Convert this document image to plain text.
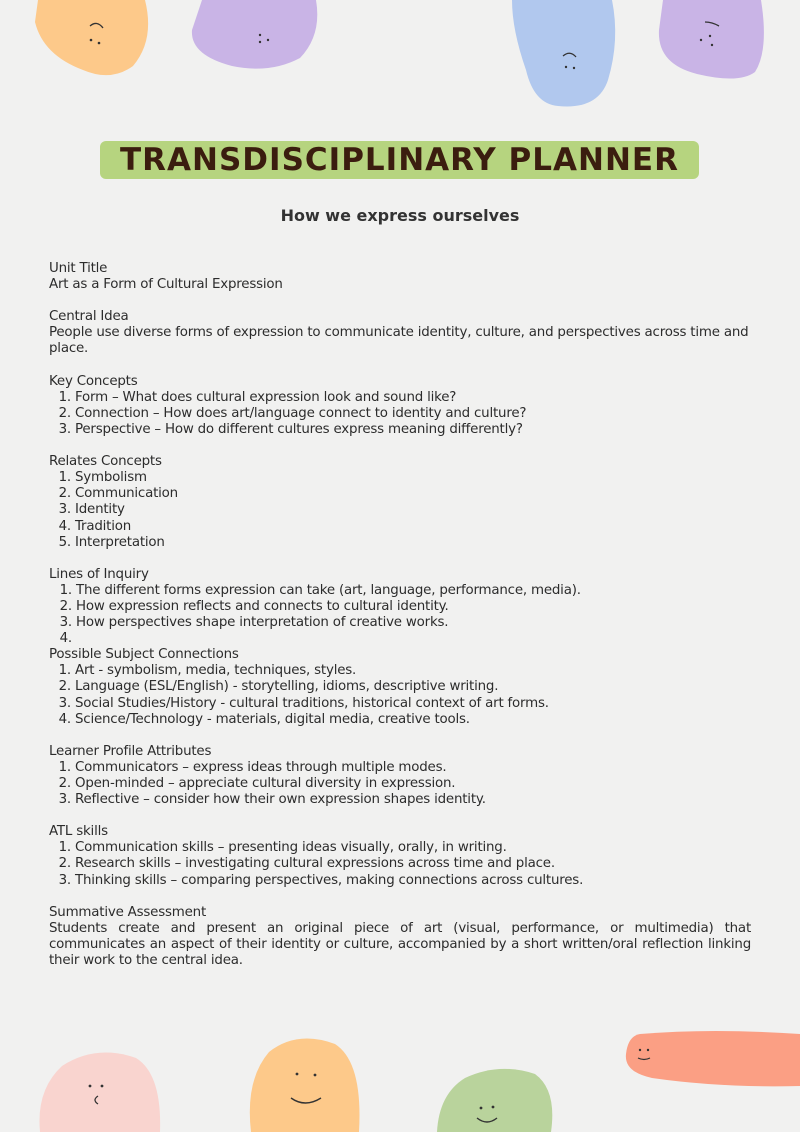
TRANSDISCIPLINARY PLANNER
How we express ourselves

Unit Title

Art as a Form of Cultural Expression

Central Idea

People use diverse forms of expression to communicate identity, culture, and perspectives across time and place.

Key Concepts

1. Form – What does cultural expression look and sound like?
2. Connection – How does art/language connect to identity and culture?
3. Perspective – How do different cultures express meaning differently?

Relates Concepts

1. Symbolism
2. Communication
3. Identity
4. Tradition
5. Interpretation

Lines of Inquiry

1. The different forms expression can take (art, language, performance, media).
2. How expression reflects and connects to cultural identity.
3. How perspectives shape interpretation of creative works.
4.

Possible Subject Connections

1. Art - symbolism, media, techniques, styles.
2. Language (ESL/English) - storytelling, idioms, descriptive writing.
3. Social Studies/History - cultural traditions, historical context of art forms.
4. Science/Technology - materials, digital media, creative tools.

Learner Profile Attributes

1. Communicators – express ideas through multiple modes.
2. Open-minded – appreciate cultural diversity in expression.
3. Reflective – consider how their own expression shapes identity.

ATL skills

1. Communication skills – presenting ideas visually, orally, in writing.
2. Research skills – investigating cultural expressions across time and place.
3. Thinking skills – comparing perspectives, making connections across cultures.

Summative Assessment

Students create and present an original piece of art (visual, performance, or multimedia) that communicates an aspect of their identity or culture, accompanied by a short written/oral reflection linking their work to the central idea.
